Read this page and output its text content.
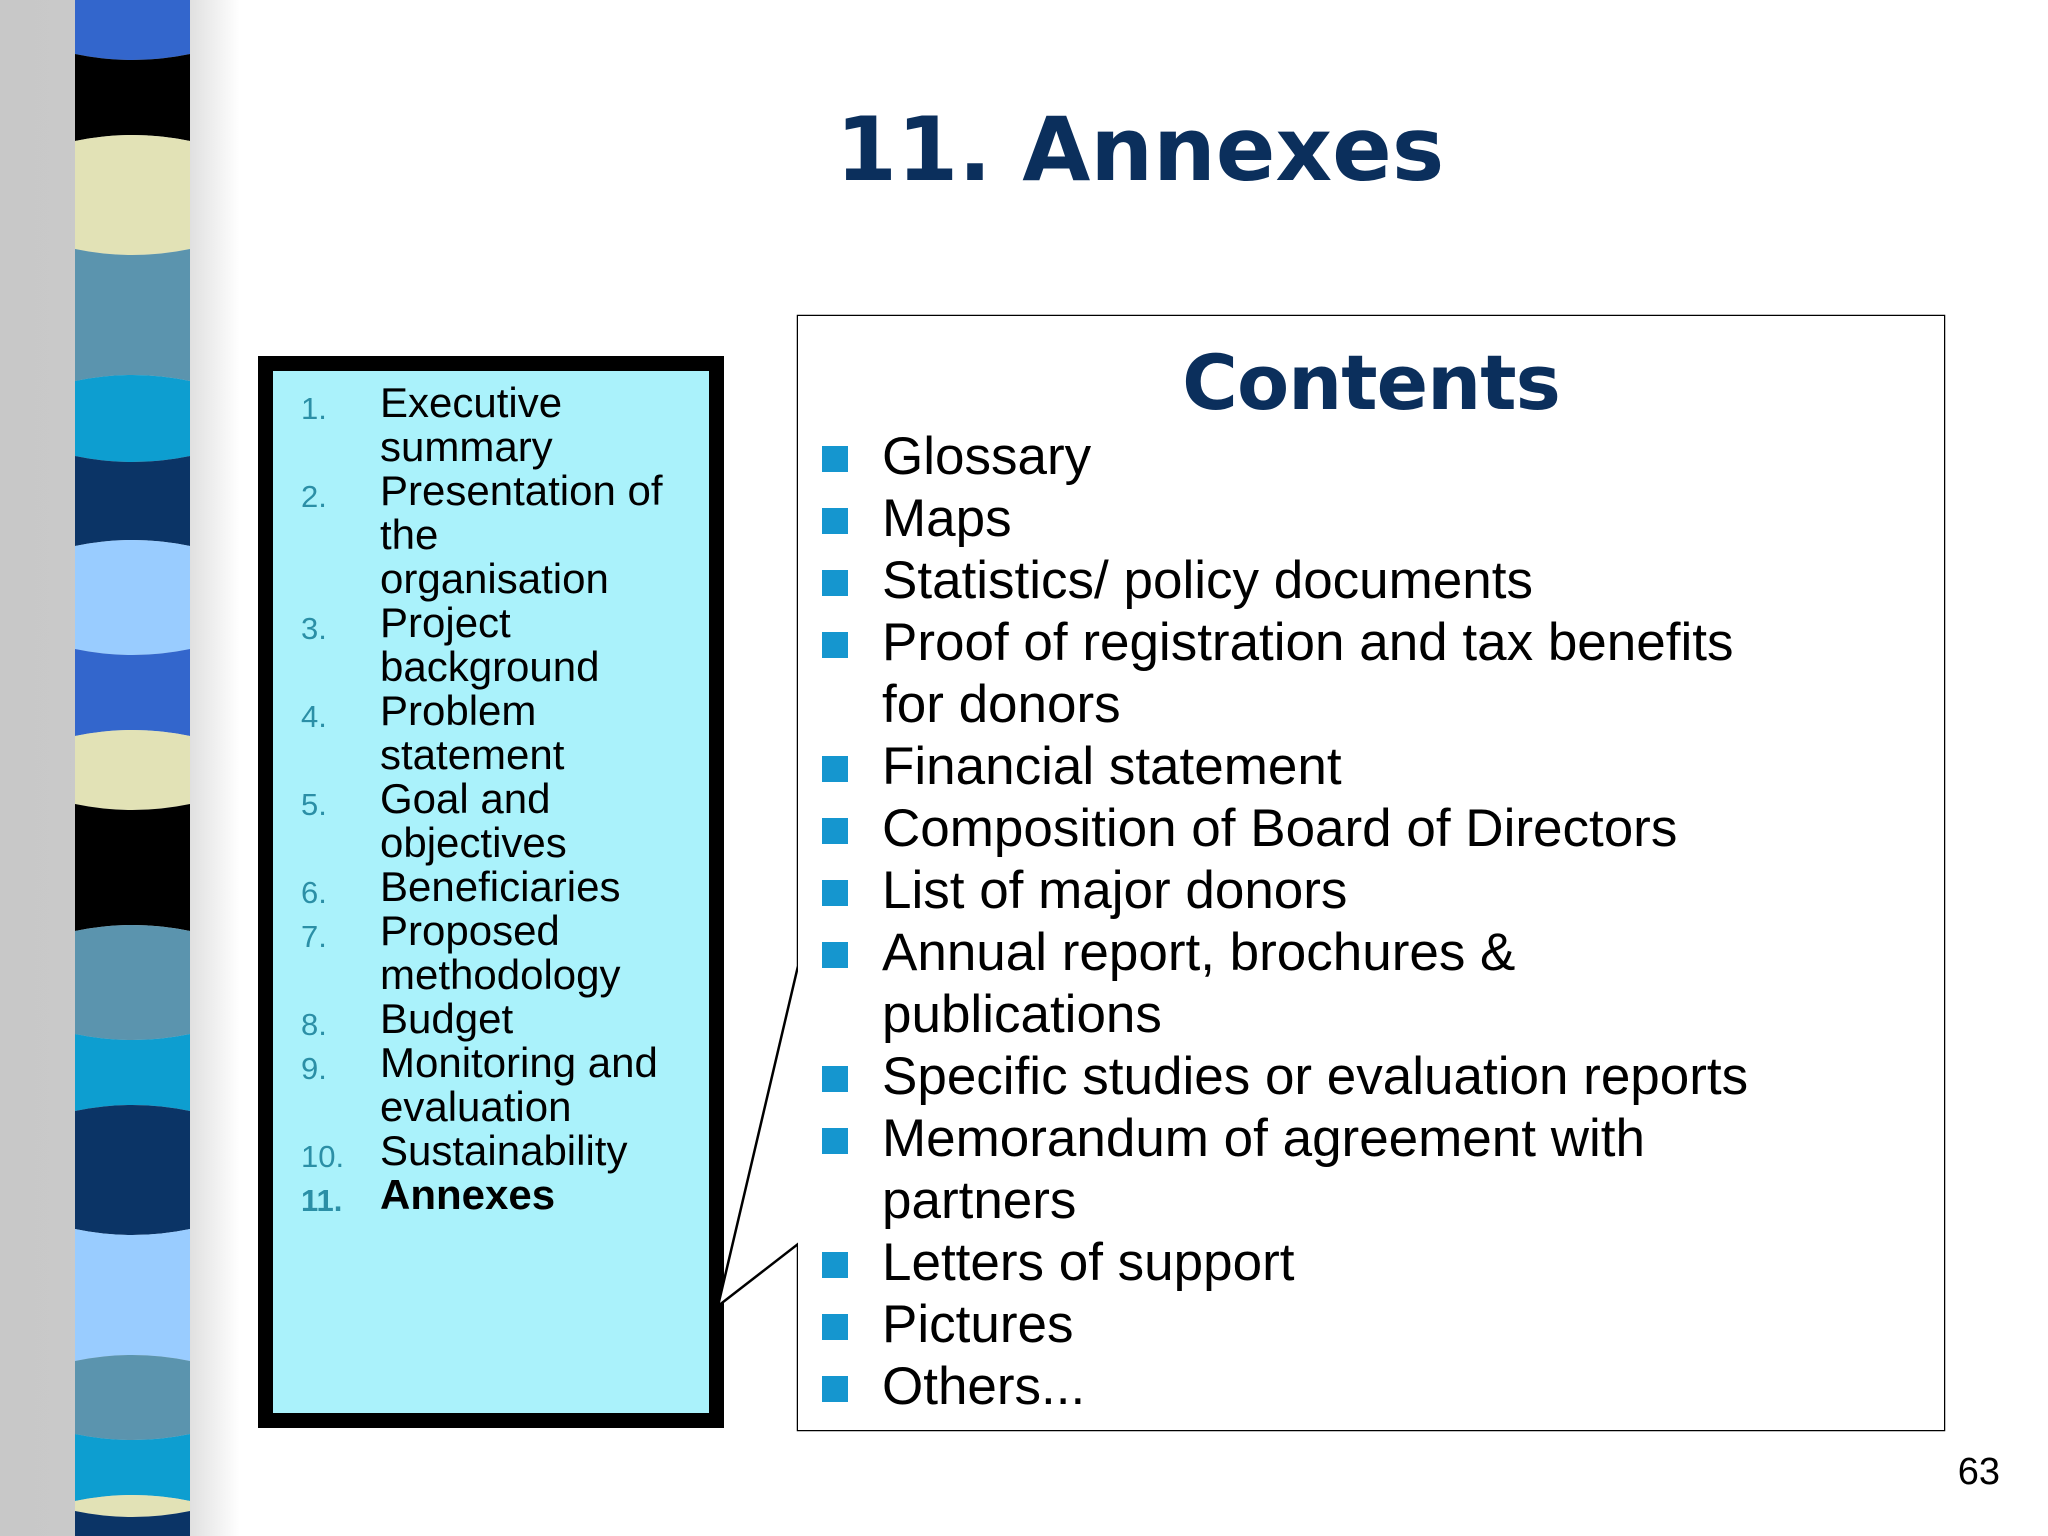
11. Annexes
1.	Executive
summary
2.	Presentation of
the
organisation
3.	Project
background
4.	Problem
statement
5.	Goal and
objectives
6.	Beneficiaries
7.	Proposed
methodology
8.	Budget
9.	Monitoring and
evaluation
10. Sustainability
11. Annexes
Contents
Glossary
Maps
Statistics/ policy documents
Proof of registration and tax benefits
for donors
Financial statement
Composition of Board of Directors
List of major donors
Annual report, brochures &
publications
Specific studies or evaluation reports
Memorandum of agreement with
partners
Letters of support
Pictures
Others...
63
